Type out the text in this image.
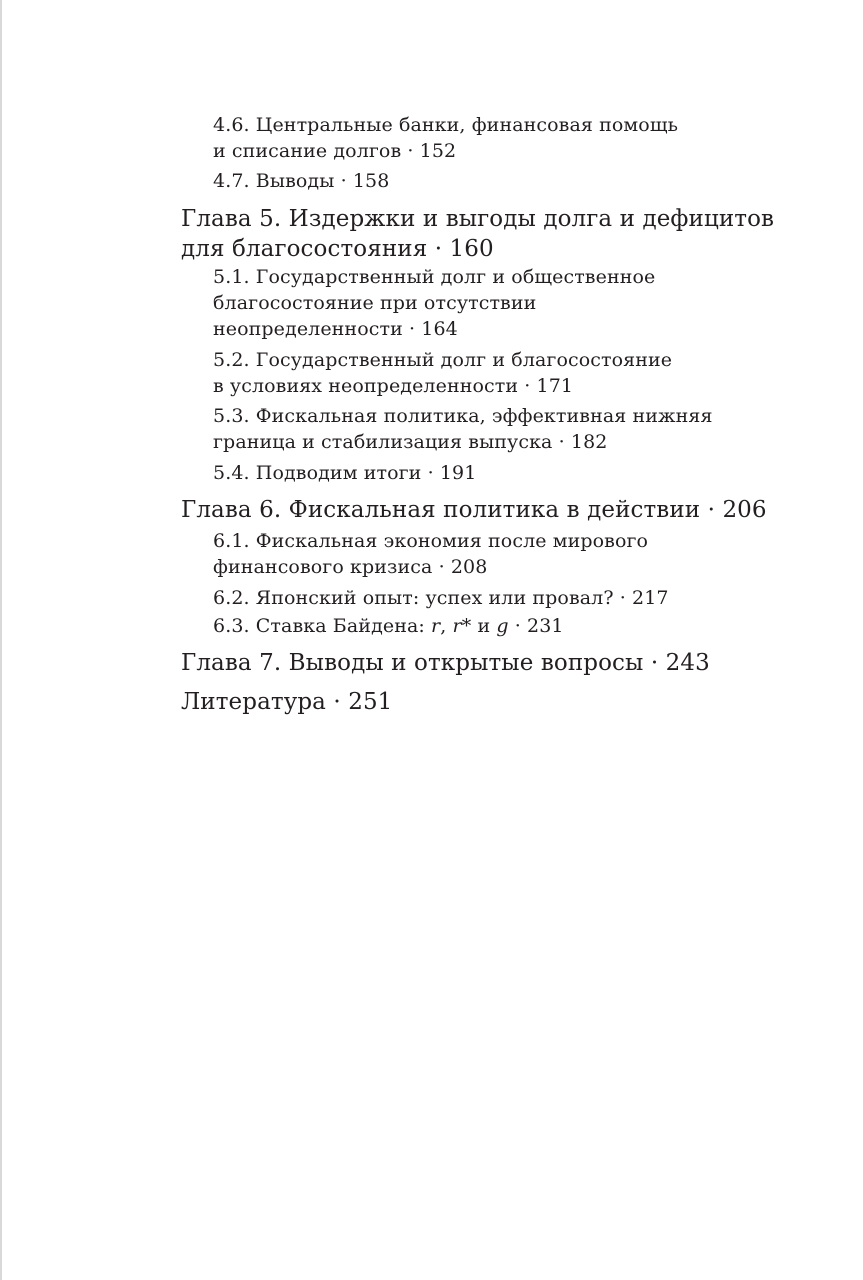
4.6. Центральные банки, финансовая помощь
и списание долгов · 152
4.7. Выводы · 158
Глава 5. Издержки и выгоды долга и дефицитов
для благосостояния · 160
5.1. Государственный долг и общественное
благосостояние при отсутствии
неопределенности · 164
5.2. Государственный долг и благосостояние
в условиях неопределенности · 171
5.3. Фискальная политика, эффективная нижняя
граница и стабилизация выпуска · 182
5.4. Подводим итоги · 191
Глава 6. Фискальная политика в действии · 206
6.1. Фискальная экономия после мирового
финансового кризиса · 208
6.2. Японский опыт: успех или провал? · 217
6.3. Ставка Байдена: r, r* и g · 231
Глава 7. Выводы и открытые вопросы · 243
Литература · 251
